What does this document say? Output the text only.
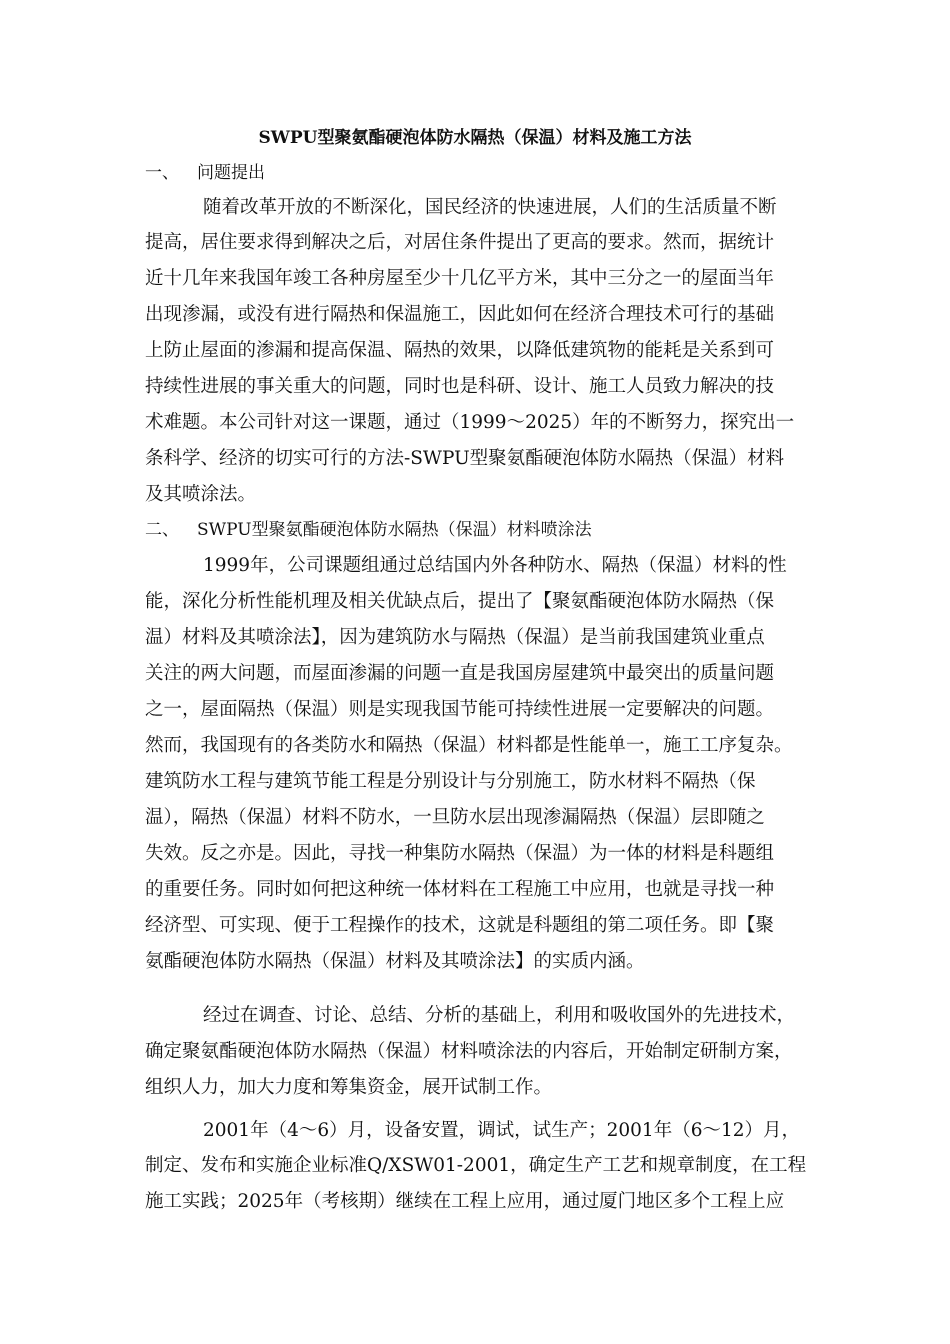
SWPU型聚氨酯硬泡体防水隔热（保温）材料及施工方法
一、 问题提出
随着改革开放的不断深化，国民经济的快速进展，人们的生活质量不断
提高，居住要求得到解决之后，对居住条件提出了更高的要求。然而，据统计
近十几年来我国年竣工各种房屋至少十几亿平方米，其中三分之一的屋面当年
出现渗漏，或没有进行隔热和保温施工，因此如何在经济合理技术可行的基础
上防止屋面的渗漏和提高保温、隔热的效果，以降低建筑物的能耗是关系到可
持续性进展的事关重大的问题，同时也是科研、设计、施工人员致力解决的技
术难题。本公司针对这一课题，通过（1999～2025）年的不断努力，探究出一
条科学、经济的切实可行的方法-SWPU型聚氨酯硬泡体防水隔热（保温）材料
及其喷涂法。
二、 SWPU型聚氨酯硬泡体防水隔热（保温）材料喷涂法
1999年，公司课题组通过总结国内外各种防水、隔热（保温）材料的性
能，深化分析性能机理及相关优缺点后，提出了【聚氨酯硬泡体防水隔热（保
温）材料及其喷涂法】，因为建筑防水与隔热（保温）是当前我国建筑业重点
关注的两大问题，而屋面渗漏的问题一直是我国房屋建筑中最突出的质量问题
之一，屋面隔热（保温）则是实现我国节能可持续性进展一定要解决的问题。
然而，我国现有的各类防水和隔热（保温）材料都是性能单一，施工工序复杂。
建筑防水工程与建筑节能工程是分别设计与分别施工，防水材料不隔热（保
温），隔热（保温）材料不防水，一旦防水层出现渗漏隔热（保温）层即随之
失效。反之亦是。因此，寻找一种集防水隔热（保温）为一体的材料是科题组
的重要任务。同时如何把这种统一体材料在工程施工中应用，也就是寻找一种
经济型、可实现、便于工程操作的技术，这就是科题组的第二项任务。即【聚
氨酯硬泡体防水隔热（保温）材料及其喷涂法】的实质内涵。
经过在调查、讨论、总结、分析的基础上，利用和吸收国外的先进技术，
确定聚氨酯硬泡体防水隔热（保温）材料喷涂法的内容后，开始制定研制方案，
组织人力，加大力度和筹集资金，展开试制工作。
2001年（4～6）月，设备安置，调试，试生产；2001年（6～12）月，
制定、发布和实施企业标准Q/XSW01-2001，确定生产工艺和规章制度，在工程
施工实践；2025年（考核期）继续在工程上应用，通过厦门地区多个工程上应
